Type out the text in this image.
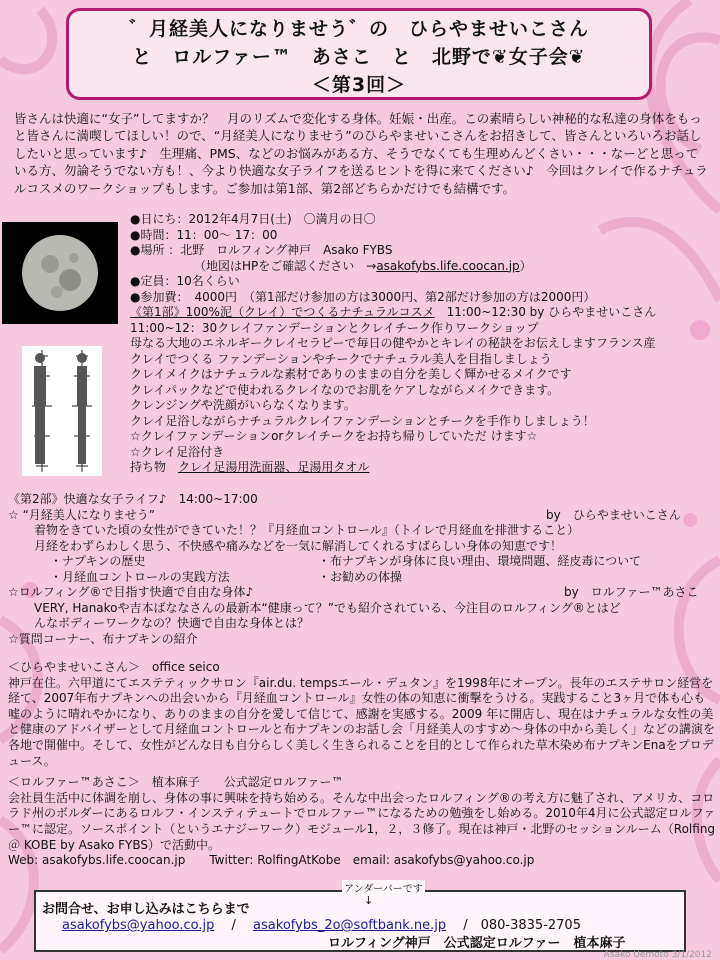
゛月経美人になりませう゛の　ひらやませいこさん
と　ロルファー™　あさこ　と　北野で❦女子会❦
＜第3回＞
皆さんは快適に“女子”してますか？　月のリズムで変化する身体。妊娠・出産。この素晴らしい神秘的な私達の身体をもっと皆さんに満喫してほしい！ので、“月経美人になりませう”のひらやませいこさんをお招きして、皆さんといろいろお話ししたいと思っています♪　生理痛、PMS、などのお悩みがある方、そうでなくても生理めんどくさい・・・なーどと思っている方、勿論そうでない方も！、今より快適な女子ライフを送るヒントを得に来てください♪　今回はクレイで作るナチュラルコスメのワークショップもします。ご参加は第1部、第2部どちらかだけでも結構です。
●日にち：2012年4月7日(土)　〇満月の日〇
●時間：11：00〜 17：00
●場所 ：北野　ロルフィング神戸　Asako FYBS
（地図はHPをご確認ください　→asakofybs.life.coocan.jp）
●定員：10名くらい
●参加費：　4000円　（第1部だけ参加の方は3000円、第2部だけ参加の方は2000円）
《第1部》100%泥（クレイ）でつくるナチュラルコスメ　 11:00~12:30 by ひらやませいこさん
11:00~12：30クレイファンデーションとクレイチーク作りワークショップ
母なる大地のエネルギークレイセラピーで毎日の健やかとキレイの秘訣をお伝えしますフランス産
クレイでつくる ファンデーションやチークでナチュラル美人を目指しましょう
クレイメイクはナチュラルな素材でありのままの自分を美しく輝かせるメイクです
クレイパックなどで使われるクレイなのでお肌をケアしながらメイクできます。
クレンジングや洗顔がいらなくなります。
クレイ足浴しながらナチュラルクレイファンデーションとチークを手作りしましょう！
☆クレイファンデーションorクレイチークをお持ち帰りしていただ けます☆
☆クレイ足浴付き
持ち物　クレイ足湯用洗面器、足湯用タオル
《第2部》快適な女子ライフ♪　14:00~17:00
☆ “月経美人になりませう”	by　ひらやませいこさん
着物をきていた頃の女性ができていた！？『月経血コントロール』（トイレで月経血を排泄すること）
月経をわずらわしく思う、不快感や痛みなどを一気に解消してくれるすばらしい身体の知恵です！
・ナプキンの歴史	・布ナプキンが身体に良い理由、環境問題、経皮毒について
・月経血コントロールの実践方法	・お勧めの体操
☆ロルフィング®で目指す快適で自由な身体♪	by　ロルファー™あさこ
VERY, Hanakoや吉本ばななさんの最新本“健康って？”でも紹介されている、今注目のロルフィング®とはど
んなボディーワークなの？快適で自由な身体とは？
☆質問コーナー、布ナプキンの紹介
＜ひらやませいこさん＞　 office seico
神戸在住。六甲道にてエステティックサロン『air.du. tempsエール・デュタン』を1998年にオープン。長年のエステサロン経営を経て、2007年布ナプキンへの出会いから『月経血コントロール』女性の体の知恵に衝撃をうける。実践すること3ヶ月で体も心も嘘のように晴れやかになり、ありのままの自分を愛して信じて、感謝を実感する。2009 年に開店し、現在はナチュラルな女性の美と健康のアドバイザーとして月経血コントロールと布ナプキンのお話し会「月経美人のすすめ〜身体の中から美しく」などの講演を各地で開催中。そして、女性がどんな日も自分らしく美しく生きられることを目的として作られた草木染め布ナプキンEnaをプロデュース。
＜ロルファー™あさこ＞　 植本麻子　　公式認定ロルファー™
会社員生活中に体調を崩し、身体の事に興味を持ち始める。そんな中出会ったロルフィング®の考え方に魅了され、アメリカ、コロラド州のボルダーにあるロルフ・インスティテュートでロルファー™になるための勉強をし始める。2010年4月に公式認定ロルファー™に認定。ソースポイント（というエナジーワーク）モジュール1，２，３修了。現在は神戸・北野のセッションルーム（Rolfing ＠ KOBE by Asako FYBS）で活動中。
Web: asakofybs.life.coocan.jp　　Twitter: RolfingAtKobe　email: asakofybs@yahoo.co.jp
お問合せ、お申し込みはこちらまで
アンダーバーです
↓
asakofybs@yahoo.co.jp 　 /　 asakofybs_2o@softbank.ne.jp 　 /　080-3835-2705
ロルフィング神戸　公式認定ロルファー　植本麻子
Asako Uemoto 3/1/2012
